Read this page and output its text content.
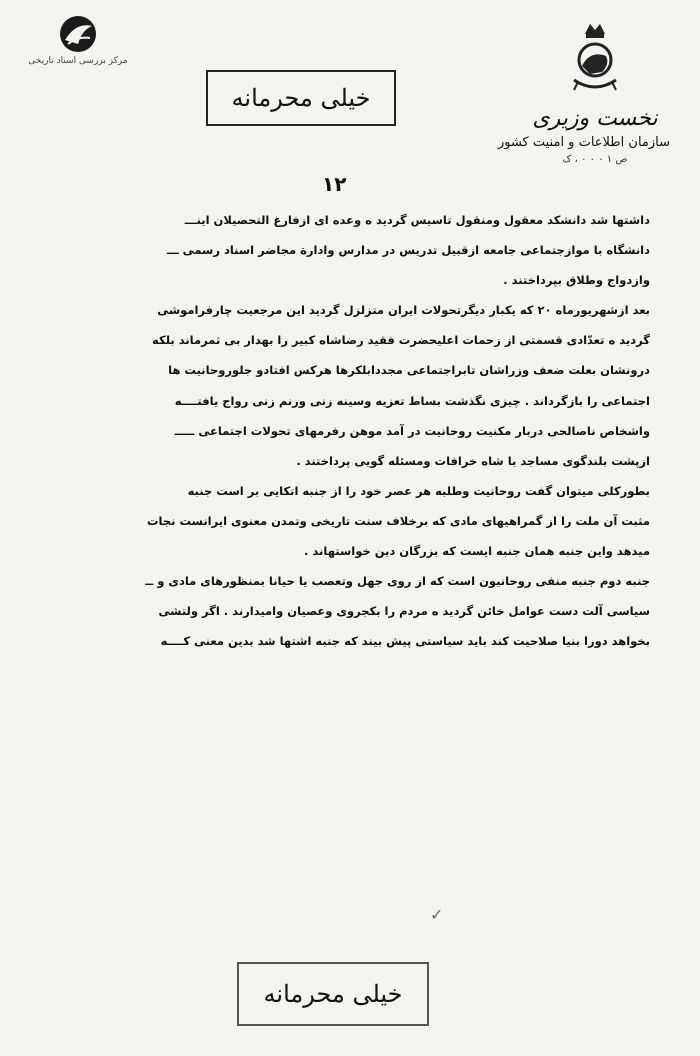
مرکز بررسی اسناد تاریخی
خیلی محرمانه
نخست وزیری
سازمان اطلاعات و امنیت کشور
ص ۱ ۰ ۰ ۰ ، ک
۱۲
داشتها شد دانشکد معقول ومنقول تاسیس گردید ه وعده ای ازفارغ التحصیلان اینـــ
دانشگاه با موازجتماعی جامعه ازقبیل تدریس در مدارس وادارة مجاضر اسناد رسمی ـــ
وازدواج وطلاق بپرداختند .
بعد ازشهریورماه ۲۰ که یکبار دیگرتحولات ایران متزلزل گردید این مرجعیت چارفراموشی
گردید ه تعدّادی قسمتی از زحمات اعلیحضرت فقید رضاشاه کبیر را بهدار بی ثمرماند بلکه
درونشان بعلت ضعف وزراشان تابراجتماعی مجددابلکرها هرکس افتادو جلوروحانیت ها
اجتماعی را بازگرداند . چیزی نگذشت بساط تعزیه وسینه زنی ورنم زنی رواج یافتــــه
واشخاص ناصالحی دربار مکنیت روحانیت در آمد موهن رفرمهای تحولات اجتماعی ـــــ
ازپشت بلندگوی مساجد با شاه خرافات ومسئله گویی پرداختند .
بطورکلی میتوان گفت روحانیت وطلبه هر عصر خود را از جنبه اتکایی بر است جنبه
مثبت آن ملت را از گمراهیهای مادی که برخلاف سنت تاریخی وتمدن معنوی ایرانست نجات
میدهد واین جنبه همان جنبه ایست که بزرگان دین خواستهاند .
جنبه دوم جنبه منفی روحانیون است که از روی جهل وتعصب یا حیانا بمنظورهای مادی و ــ
سیاسی آلت دست عوامل خائن گردید ه مردم را بکجروی وعصیان وامیدارند . اگر ولتشی
بخواهد دورا بنیا صلاحیت کند باید سیاستی پیش بیند که جنبه اشتها شد بدین معنی کــــه
✓
خیلی محرمانه
